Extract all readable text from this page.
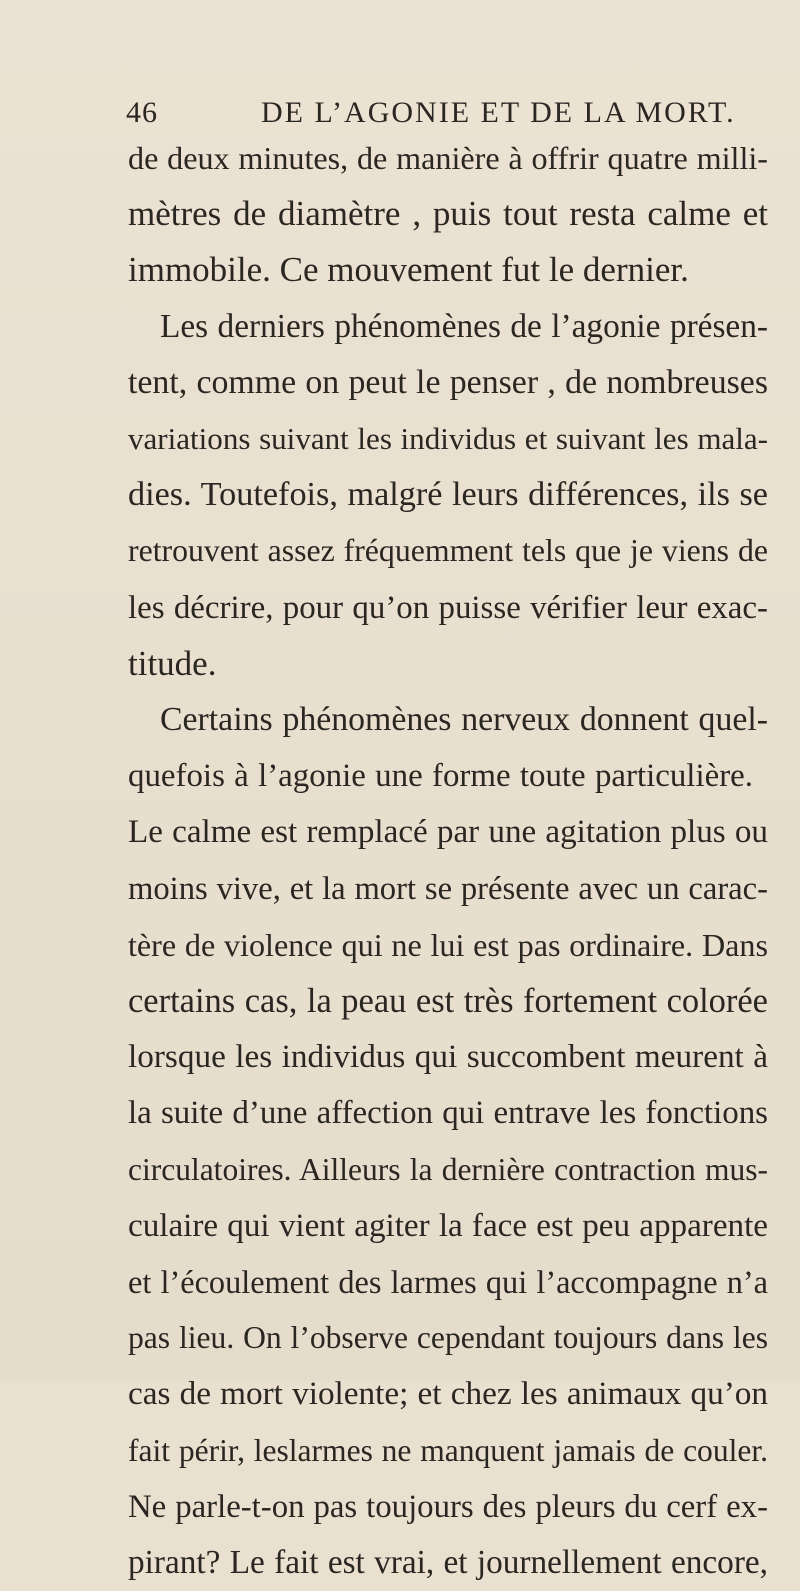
46	DE L’AGONIE ET DE LA MORT.
de deux minutes, de manière à offrir quatre milli-
mètres de diamètre , puis tout resta calme et
immobile. Ce mouvement fut le dernier.
Les derniers phénomènes de l’agonie présen-
tent, comme on peut le penser , de nombreuses
variations suivant les individus et suivant les mala-
dies. Toutefois, malgré leurs différences, ils se
retrouvent assez fréquemment tels que je viens de
les décrire, pour qu’on puisse vérifier leur exac-
titude.
Certains phénomènes nerveux donnent quel-
quefois à l’agonie une forme toute particulière.
Le calme est remplacé par une agitation plus ou
moins vive, et la mort se présente avec un carac-
tère de violence qui ne lui est pas ordinaire. Dans
certains cas, la peau est très fortement colorée
lorsque les individus qui succombent meurent à
la suite d’une affection qui entrave les fonctions
circulatoires. Ailleurs la dernière contraction mus-
culaire qui vient agiter la face est peu apparente
et l’écoulement des larmes qui l’accompagne n’a
pas lieu. On l’observe cependant toujours dans les
cas de mort violente; et chez les animaux qu’on
fait périr, leslarmes ne manquent jamais de couler.
Ne parle-t-on pas toujours des pleurs du cerf ex-
pirant? Le fait est vrai, et journellement encore,
